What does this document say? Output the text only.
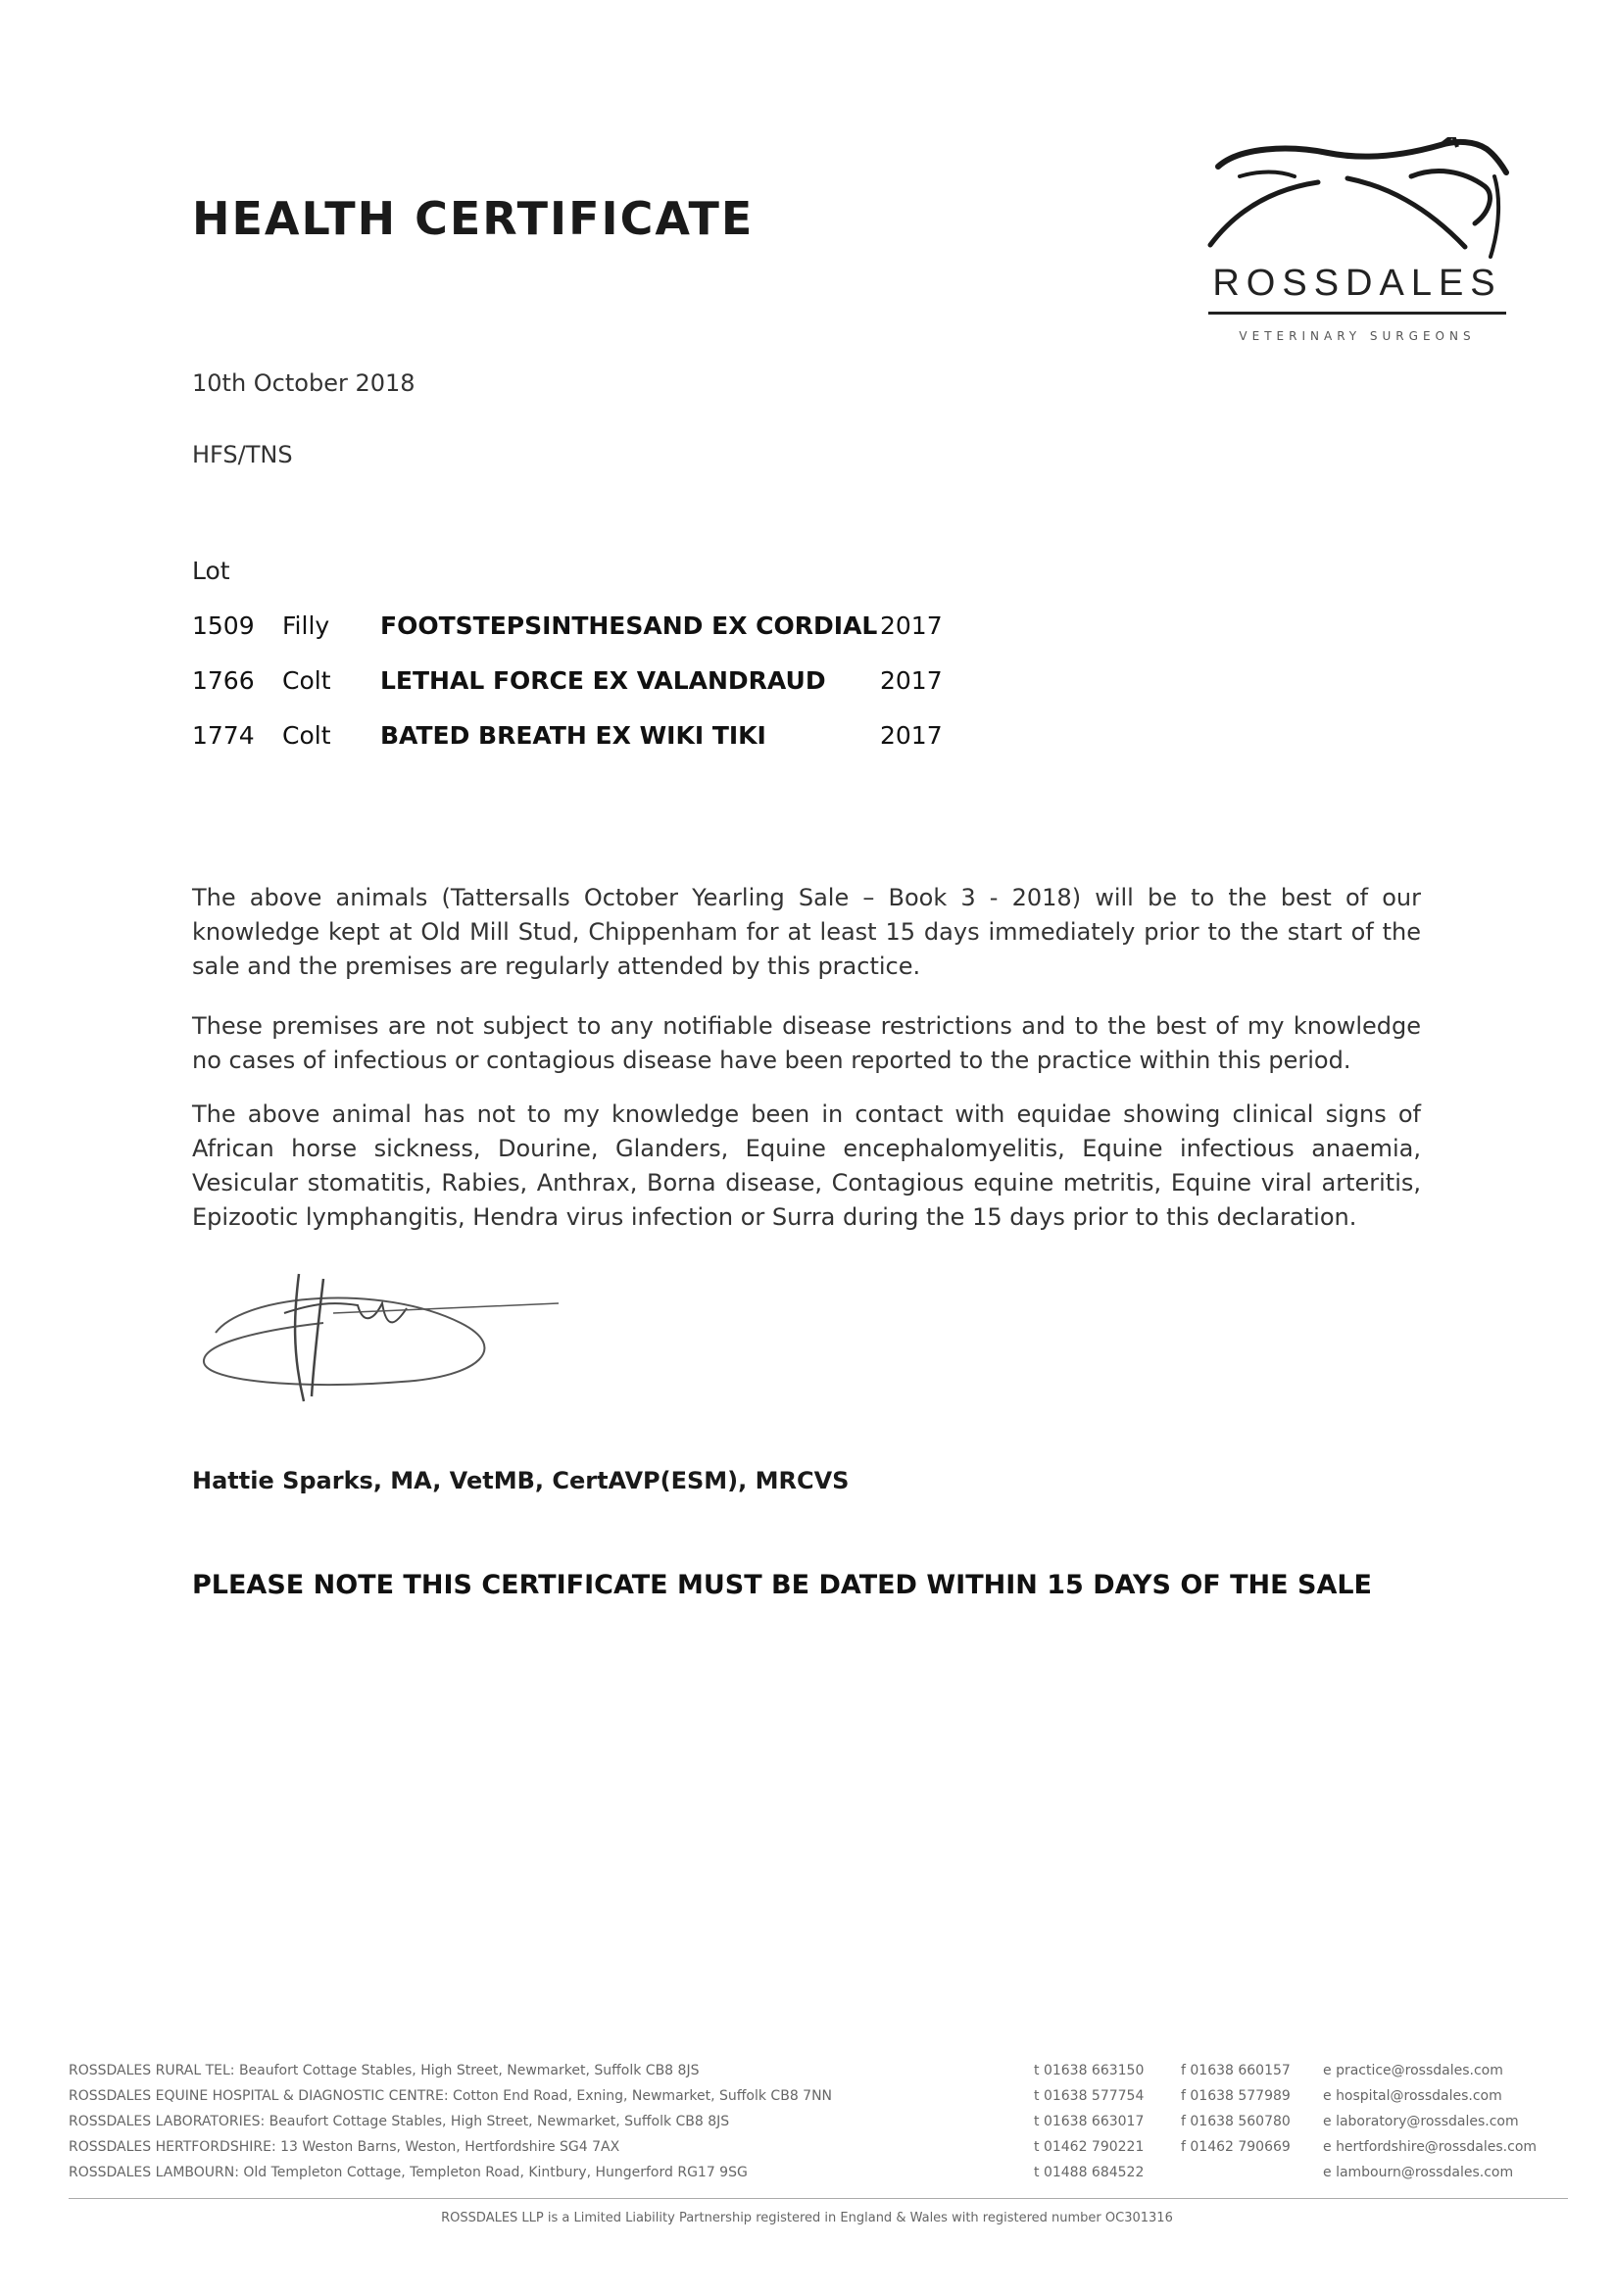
HEALTH CERTIFICATE
ROSSDALES
VETERINARY SURGEONS
10th October 2018
HFS/TNS
Lot
1509 Filly FOOTSTEPSINTHESAND EX CORDIAL 2017
1766 Colt LETHAL FORCE EX VALANDRAUD 2017
1774 Colt BATED BREATH EX WIKI TIKI	2017
The above animals (Tattersalls October Yearling Sale – Book 3 - 2018) will be to the best of our knowledge kept at Old Mill Stud, Chippenham for at least 15 days immediately prior to the start of the sale and the premises are regularly attended by this practice.
These premises are not subject to any notifiable disease restrictions and to the best of my knowledge no cases of infectious or contagious disease have been reported to the practice within this period.
The above animal has not to my knowledge been in contact with equidae showing clinical signs of African horse sickness, Dourine, Glanders, Equine encephalomyelitis, Equine infectious anaemia, Vesicular stomatitis, Rabies, Anthrax, Borna disease, Contagious equine metritis, Equine viral arteritis, Epizootic lymphangitis, Hendra virus infection or Surra during the 15 days prior to this declaration.
Hattie Sparks, MA, VetMB, CertAVP(ESM), MRCVS
PLEASE NOTE THIS CERTIFICATE MUST BE DATED WITHIN 15 DAYS OF THE SALE
ROSSDALES RURAL TEL: Beaufort Cottage Stables, High Street, Newmarket, Suffolk CB8 8JS	t 01638 663150	f 01638 660157 e practice@rossdales.com
ROSSDALES EQUINE HOSPITAL & DIAGNOSTIC CENTRE: Cotton End Road, Exning, Newmarket, Suffolk CB8 7NN	t 01638 577754	f 01638 577989 e hospital@rossdales.com
ROSSDALES LABORATORIES: Beaufort Cottage Stables, High Street, Newmarket, Suffolk CB8 8JS	t 01638 663017	f 01638 560780 e laboratory@rossdales.com
ROSSDALES HERTFORDSHIRE: 13 Weston Barns, Weston, Hertfordshire SG4 7AX	t 01462 790221	f 01462 790669 e hertfordshire@rossdales.com
ROSSDALES LAMBOURN: Old Templeton Cottage, Templeton Road, Kintbury, Hungerford RG17 9SG	t 01488 684522	e lambourn@rossdales.com
ROSSDALES LLP is a Limited Liability Partnership registered in England & Wales with registered number OC301316
